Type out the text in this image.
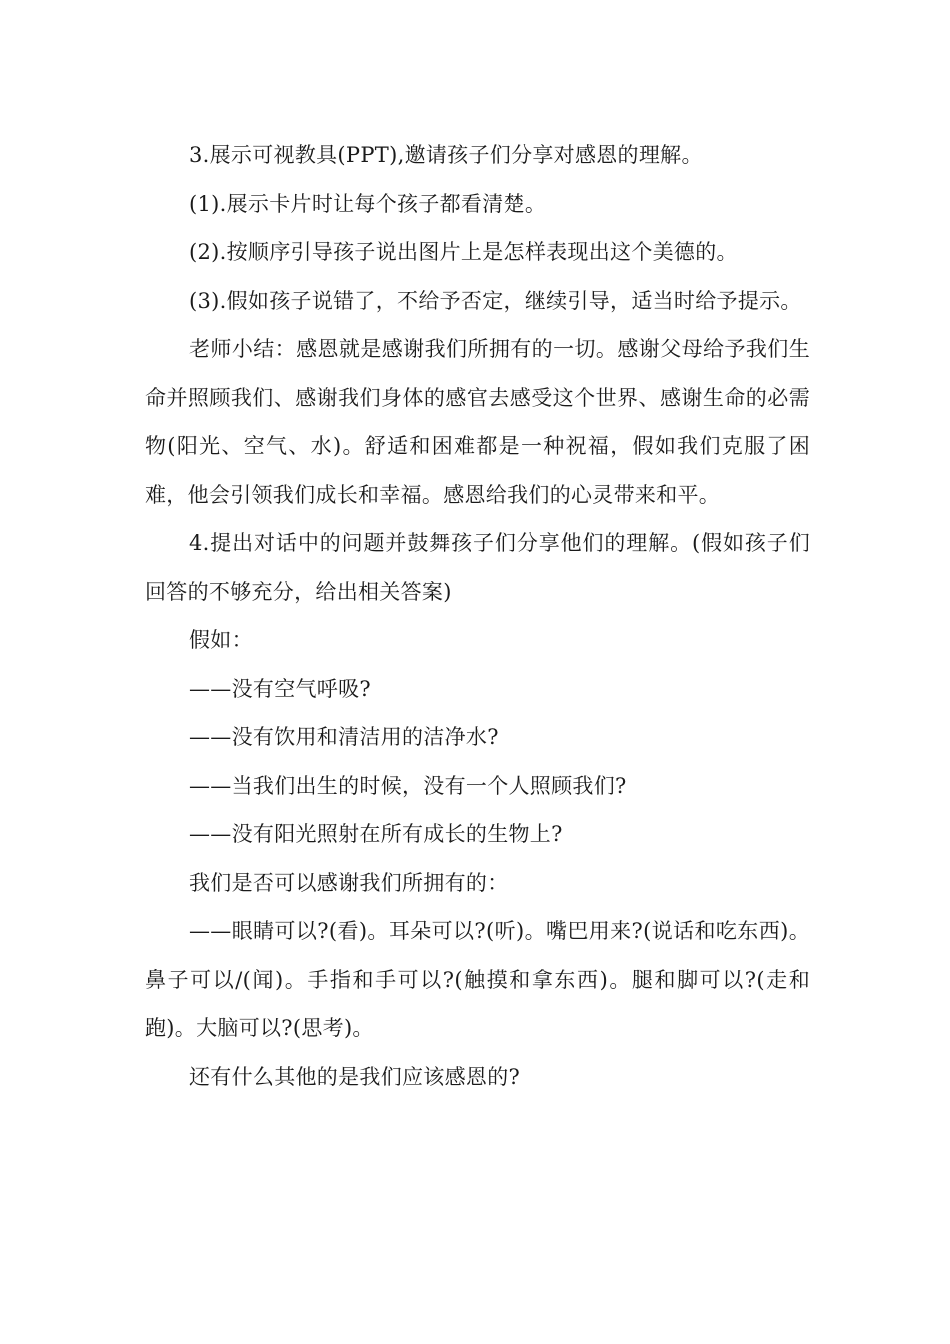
3.展示可视教具(PPT),邀请孩子们分享对感恩的理解。

(1).展示卡片时让每个孩子都看清楚。

(2).按顺序引导孩子说出图片上是怎样表现出这个美德的。

(3).假如孩子说错了，不给予否定，继续引导，适当时给予提示。

老师小结：感恩就是感谢我们所拥有的一切。感谢父母给予我们生命并照顾我们、感谢我们身体的感官去感受这个世界、感谢生命的必需物(阳光、空气、水)。舒适和困难都是一种祝福，假如我们克服了困难，他会引领我们成长和幸福。感恩给我们的心灵带来和平。

4.提出对话中的问题并鼓舞孩子们分享他们的理解。(假如孩子们回答的不够充分，给出相关答案)

假如：

——没有空气呼吸?

——没有饮用和清洁用的洁净水?

——当我们出生的时候，没有一个人照顾我们?

——没有阳光照射在所有成长的生物上?

我们是否可以感谢我们所拥有的：

——眼睛可以?(看)。耳朵可以?(听)。嘴巴用来?(说话和吃东西)。鼻子可以/(闻)。手指和手可以?(触摸和拿东西)。腿和脚可以?(走和跑)。大脑可以?(思考)。

还有什么其他的是我们应该感恩的?
